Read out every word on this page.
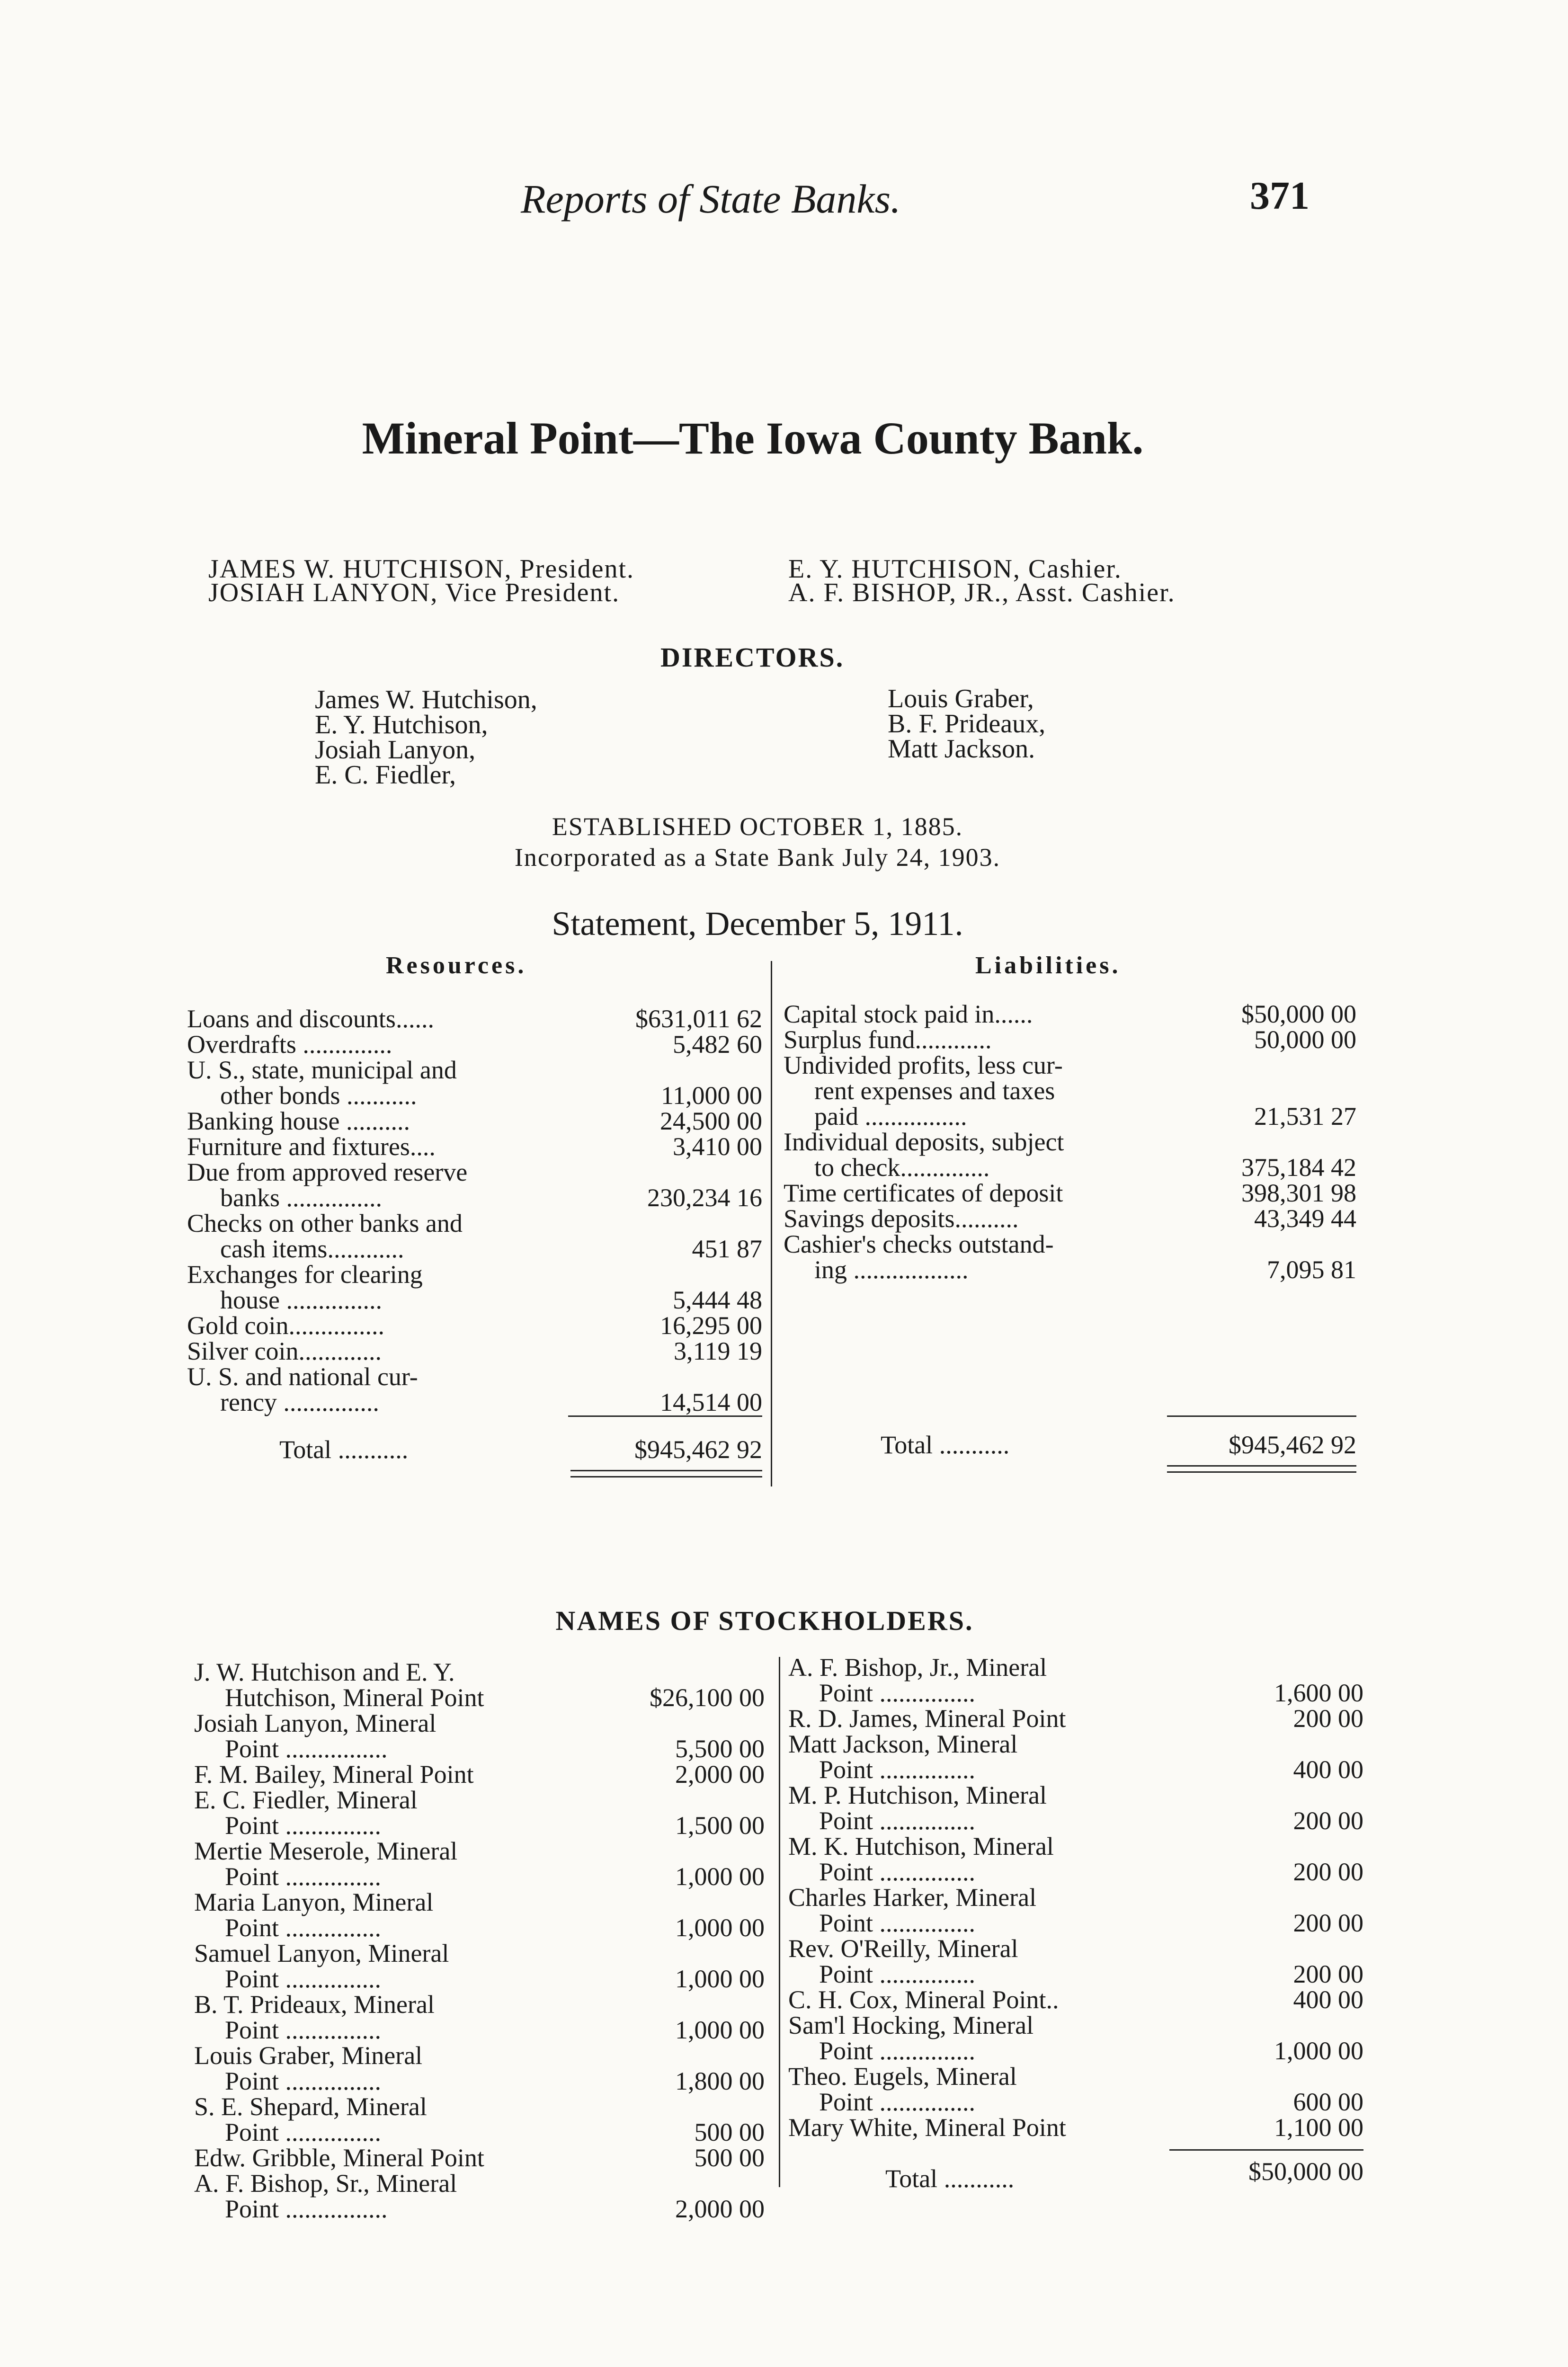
Reports of State Banks.	371
Mineral Point—The Iowa County Bank.
JAMES W. HUTCHISON, President.
JOSIAH LANYON, Vice President.
E. Y. HUTCHISON, Cashier.
A. F. BISHOP, JR., Asst. Cashier.
DIRECTORS.
James W. Hutchison,
E. Y. Hutchison,
Josiah Lanyon,
E. C. Fiedler,
Louis Graber,
B. F. Prideaux,
Matt Jackson.
ESTABLISHED OCTOBER 1, 1885.
Incorporated as a State Bank July 24, 1903.
Statement, December 5, 1911.
Resources.	Liabilities.
Loans and discounts......	$631,011 62
Overdrafts ..............	5,482 60
U. S., state, municipal and
other bonds ...........	11,000 00
Banking house ..........	24,500 00
Furniture and fixtures....	3,410 00
Due from approved reserve
banks ...............	230,234 16
Checks on other banks and
cash items............	451 87
Exchanges for clearing
house ...............	5,444 48
Gold coin...............	16,295 00
Silver coin.............	3,119 19
U. S. and national cur-
rency ...............	14,514 00
Capital stock paid in......	$50,000 00
Surplus fund............	50,000 00
Undivided profits, less cur-
rent expenses and taxes
paid ................	21,531 27
Individual deposits, subject
to check..............	375,184 42
Time certificates of deposit	398,301 98
Savings deposits..........	43,349 44
Cashier's checks outstand-
ing ..................	7,095 81
Total ...........	$945,462 92	Total ...........	$945,462 92
NAMES OF STOCKHOLDERS.
J. W. Hutchison and E. Y.
Hutchison, Mineral Point	$26,100 00
Josiah Lanyon, Mineral
Point ................	5,500 00
F. M. Bailey, Mineral Point	2,000 00
E. C. Fiedler, Mineral
Point ...............	1,500 00
Mertie Meserole, Mineral
Point ...............	1,000 00
Maria Lanyon, Mineral
Point ...............	1,000 00
Samuel Lanyon, Mineral
Point ...............	1,000 00
B. T. Prideaux, Mineral
Point ...............	1,000 00
Louis Graber, Mineral
Point ...............	1,800 00
S. E. Shepard, Mineral
Point ...............	500 00
Edw. Gribble, Mineral Point	500 00
A. F. Bishop, Sr., Mineral
Point ................	2,000 00
A. F. Bishop, Jr., Mineral
Point ...............	1,600 00
R. D. James, Mineral Point	200 00
Matt Jackson, Mineral
Point ...............	400 00
M. P. Hutchison, Mineral
Point ...............	200 00
M. K. Hutchison, Mineral
Point ...............	200 00
Charles Harker, Mineral
Point ...............	200 00
Rev. O'Reilly, Mineral
Point ...............	200 00
C. H. Cox, Mineral Point..	400 00
Sam'l Hocking, Mineral
Point ...............	1,000 00
Theo. Eugels, Mineral
Point ...............	600 00
Mary White, Mineral Point	1,100 00
Total ...........	$50,000 00
